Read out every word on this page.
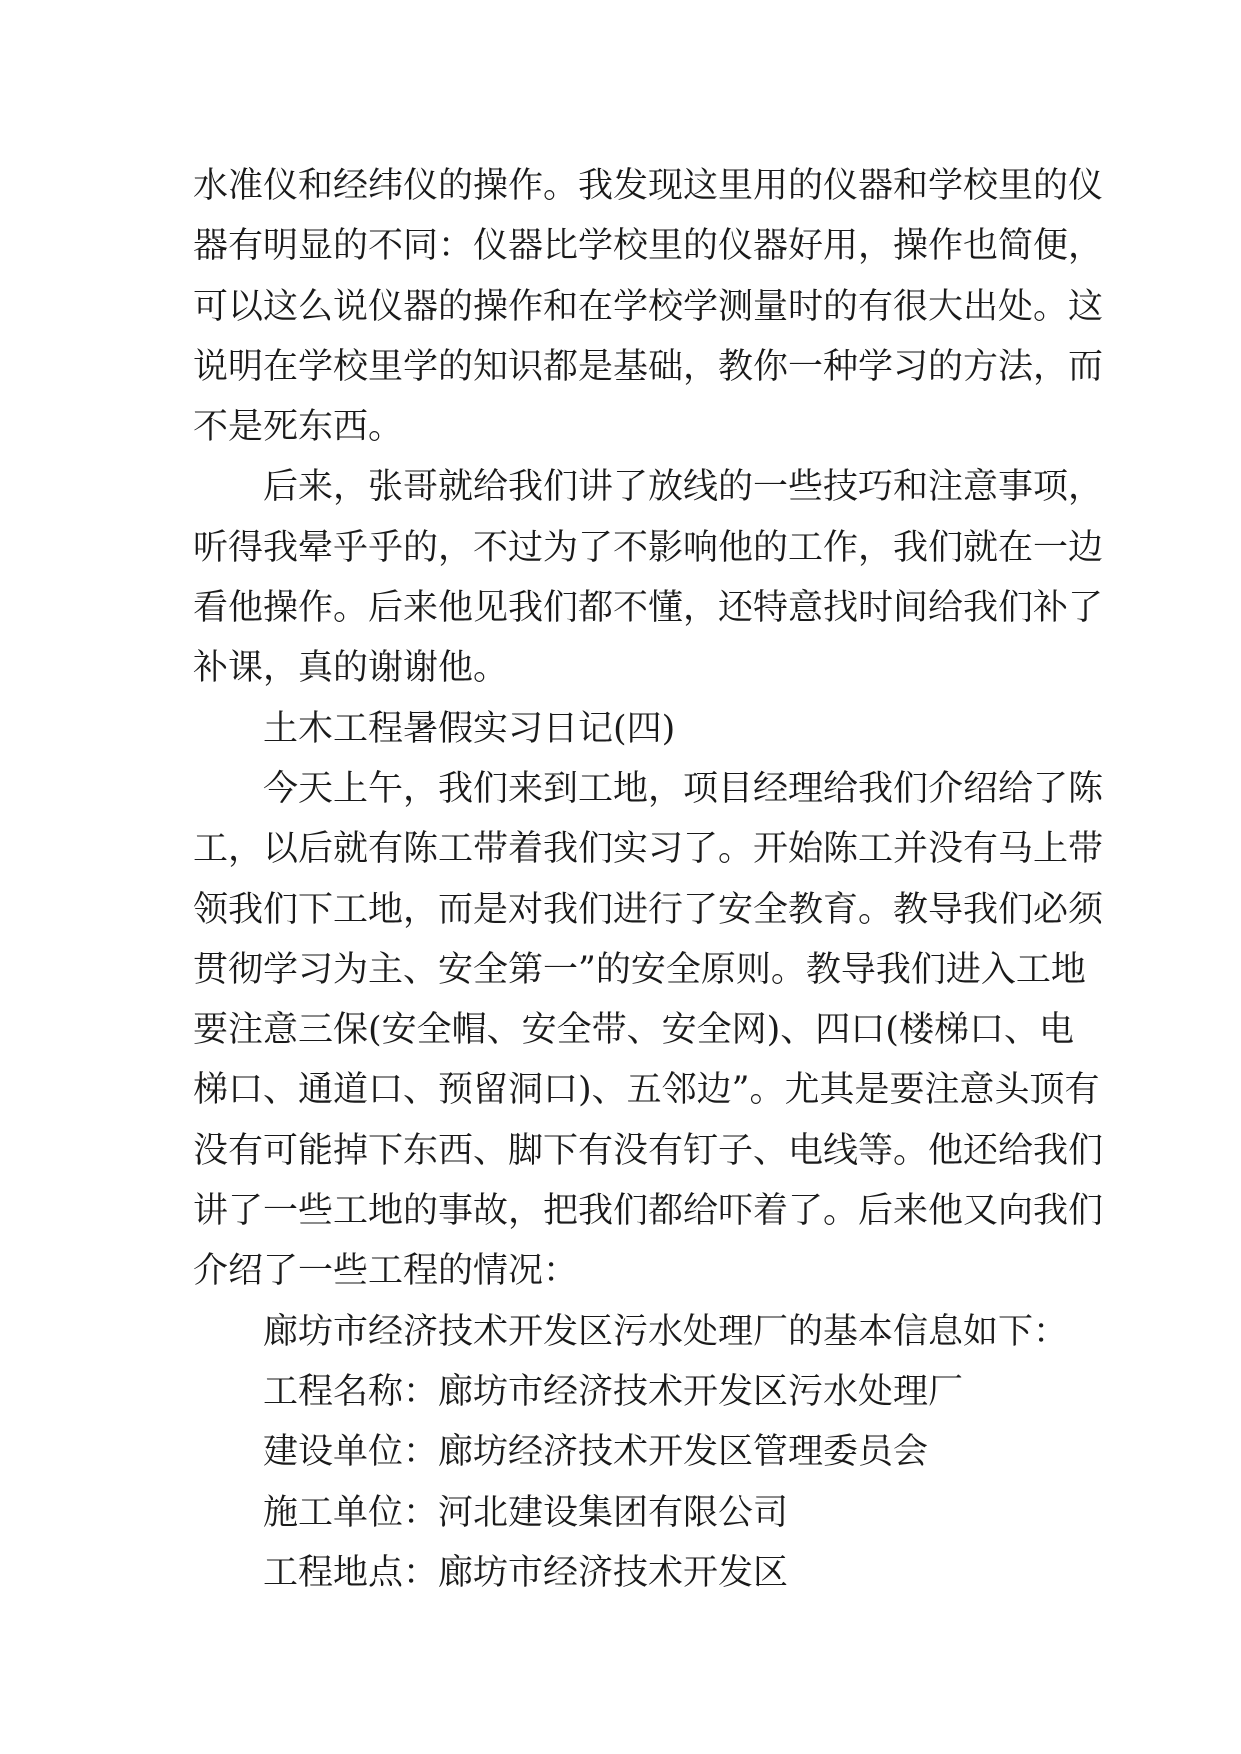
水准仪和经纬仪的操作。我发现这里用的仪器和学校里的仪
器有明显的不同：仪器比学校里的仪器好用，操作也简便，
可以这么说仪器的操作和在学校学测量时的有很大出处。这
说明在学校里学的知识都是基础，教你一种学习的方法，而
不是死东西。
后来，张哥就给我们讲了放线的一些技巧和注意事项，
听得我晕乎乎的，不过为了不影响他的工作，我们就在一边
看他操作。后来他见我们都不懂，还特意找时间给我们补了
补课，真的谢谢他。
土木工程暑假实习日记(四)
今天上午，我们来到工地，项目经理给我们介绍给了陈
工，以后就有陈工带着我们实习了。开始陈工并没有马上带
领我们下工地，而是对我们进行了安全教育。教导我们必须
贯彻学习为主、安全第一”的安全原则。教导我们进入工地
要注意三保(安全帽、安全带、安全网)、四口(楼梯口、电
梯口、通道口、预留洞口)、五邻边”。尤其是要注意头顶有
没有可能掉下东西、脚下有没有钉子、电线等。他还给我们
讲了一些工地的事故，把我们都给吓着了。后来他又向我们
介绍了一些工程的情况：
廊坊市经济技术开发区污水处理厂的基本信息如下：
工程名称：廊坊市经济技术开发区污水处理厂
建设单位：廊坊经济技术开发区管理委员会
施工单位：河北建设集团有限公司
工程地点：廊坊市经济技术开发区
